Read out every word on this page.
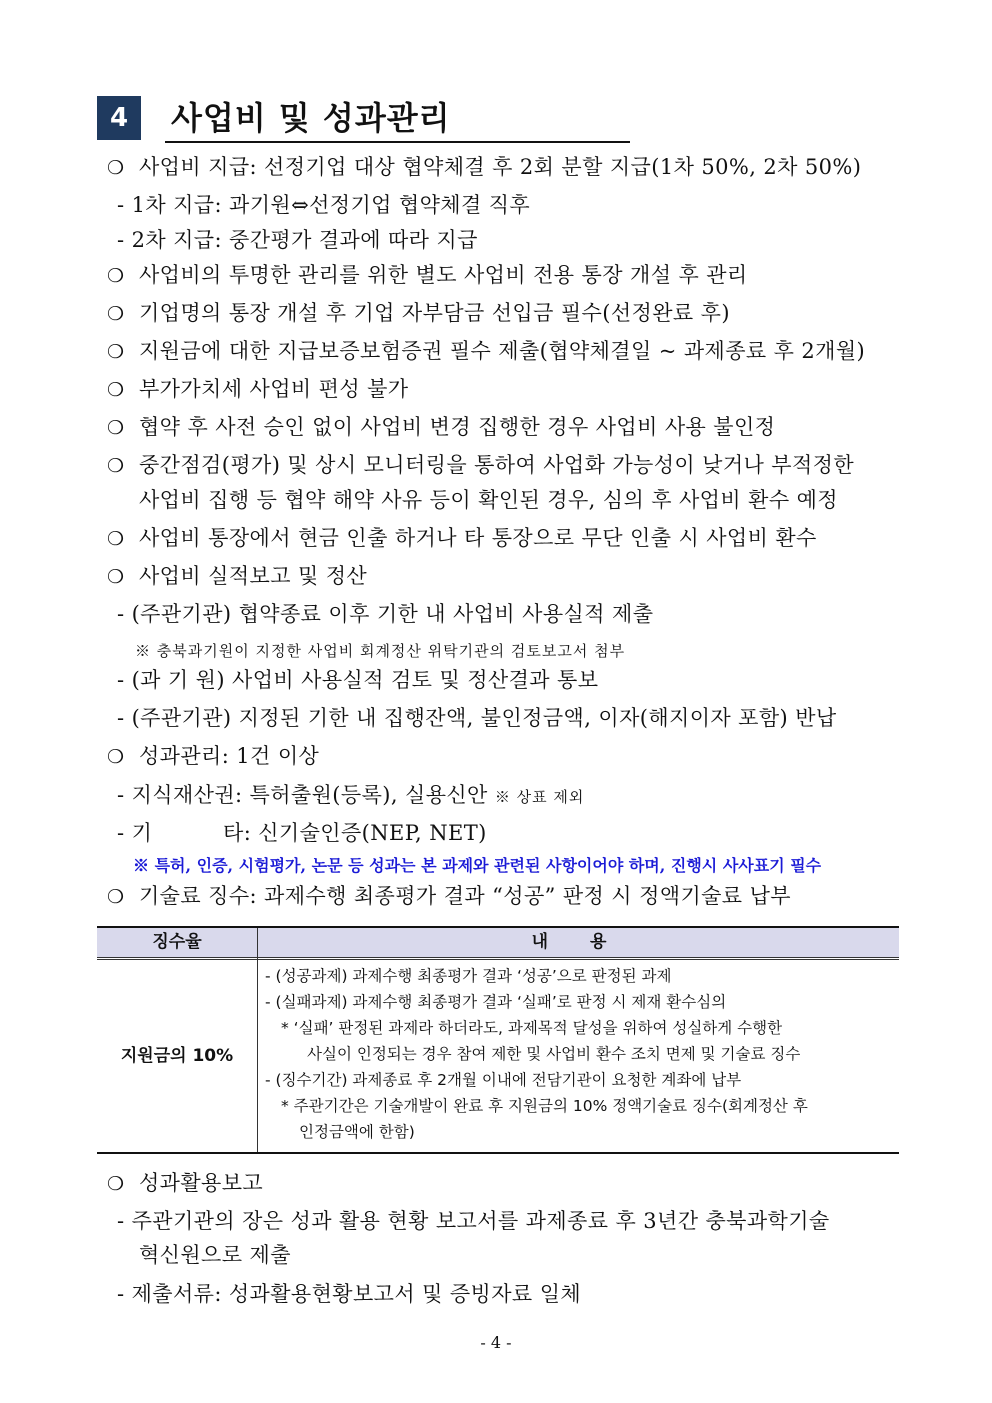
4	사업비 및 성과관리
❍ 사업비 지급: 선정기업 대상 협약체결 후 2회 분할 지급(1차 50%, 2차 50%)
- 1차 지급: 과기원⇔선정기업 협약체결 직후
- 2차 지급: 중간평가 결과에 따라 지급
❍ 사업비의 투명한 관리를 위한 별도 사업비 전용 통장 개설 후 관리
❍ 기업명의 통장 개설 후 기업 자부담금 선입금 필수(선정완료 후)
❍ 지원금에 대한 지급보증보험증권 필수 제출(협약체결일 ~ 과제종료 후 2개월)
❍ 부가가치세 사업비 편성 불가
❍ 협약 후 사전 승인 없이 사업비 변경 집행한 경우 사업비 사용 불인정
❍ 중간점검(평가) 및 상시 모니터링을 통하여 사업화 가능성이 낮거나 부적정한
사업비 집행 등 협약 해약 사유 등이 확인된 경우, 심의 후 사업비 환수 예정
❍ 사업비 통장에서 현금 인출 하거나 타 통장으로 무단 인출 시 사업비 환수
❍ 사업비 실적보고 및 정산
- (주관기관) 협약종료 이후 기한 내 사업비 사용실적 제출
※ 충북과기원이 지정한 사업비 회계정산 위탁기관의 검토보고서 첨부
- (과 기 원) 사업비 사용실적 검토 및 정산결과 통보
- (주관기관) 지정된 기한 내 집행잔액, 불인정금액, 이자(해지이자 포함) 반납
❍ 성과관리: 1건 이상
- 지식재산권: 특허출원(등록), 실용신안 ※ 상표 제외
- 기          타: 신기술인증(NEP, NET)
※ 특허, 인증, 시험평가, 논문 등 성과는 본 과제와 관련된 사항이어야 하며, 진행시 사사표기 필수
❍ 기술료 징수: 과제수행 최종평가 결과 “성공” 판정 시 정액기술료 납부
징수율	내 용
지원금의 10%
- (성공과제) 과제수행 최종평가 결과 ‘성공’으로 판정된 과제
- (실패과제) 과제수행 최종평가 결과 ‘실패’로 판정 시 제재 환수심의
* ‘실패’ 판정된 과제라 하더라도, 과제목적 달성을 위하여 성실하게 수행한
사실이 인정되는 경우 참여 제한 및 사업비 환수 조치 면제 및 기술료 징수
- (징수기간) 과제종료 후 2개월 이내에 전담기관이 요청한 계좌에 납부
* 주관기간은 기술개발이 완료 후 지원금의 10% 정액기술료 징수(회계정산 후
인정금액에 한함)
❍ 성과활용보고
- 주관기관의 장은 성과 활용 현황 보고서를 과제종료 후 3년간 충북과학기술
혁신원으로 제출
- 제출서류: 성과활용현황보고서 및 증빙자료 일체
- 4 -
